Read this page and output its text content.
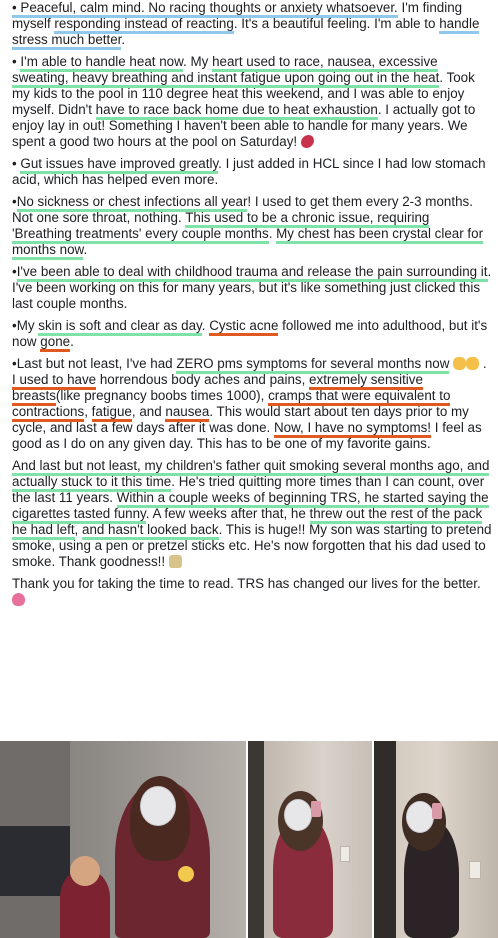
• Peaceful, calm mind. No racing thoughts or anxiety whatsoever. I'm finding myself responding instead of reacting. It's a beautiful feeling. I'm able to handle stress much better.

• I'm able to handle heat now. My heart used to race, nausea, excessive sweating, heavy breathing and instant fatigue upon going out in the heat. Took my kids to the pool in 110 degree heat this weekend, and I was able to enjoy myself. Didn't have to race back home due to heat exhaustion. I actually got to enjoy lay in out! Something I haven't been able to handle for many years. We spent a good two hours at the pool on Saturday!

• Gut issues have improved greatly. I just added in HCL since I had low stomach acid, which has helped even more.

•No sickness or chest infections all year! I used to get them every 2-3 months. Not one sore throat, nothing. This used to be a chronic issue, requiring 'Breathing treatments' every couple months. My chest has been crystal clear for months now.

•I've been able to deal with childhood trauma and release the pain surrounding it. I've been working on this for many years, but it's like something just clicked this last couple months.

•My skin is soft and clear as day. Cystic acne followed me into adulthood, but it's now gone.

•Last but not least, I've had ZERO pms symptoms for several months now . I used to have horrendous body aches and pains, extremely sensitive breasts(like pregnancy boobs times 1000), cramps that were equivalent to contractions, fatigue, and nausea. This would start about ten days prior to my cycle, and last a few days after it was done. Now, I have no symptoms! I feel as good as I do on any given day. This has to be one of my favorite gains.

And last but not least, my children's father quit smoking several months ago, and actually stuck to it this time. He's tried quitting more times than I can count, over the last 11 years. Within a couple weeks of beginning TRS, he started saying the cigarettes tasted funny. A few weeks after that, he threw out the rest of the pack he had left, and hasn't looked back. This is huge!! My son was starting to pretend smoke, using a pen or pretzel sticks etc. He's now forgotten that his dad used to smoke. Thank goodness!!

Thank you for taking the time to read. TRS has changed our lives for the better.
